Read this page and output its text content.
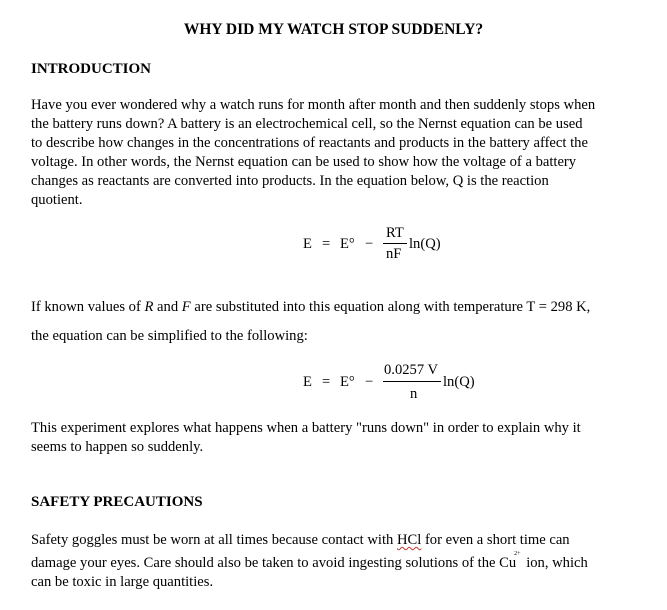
WHY DID MY WATCH STOP SUDDENLY?
INTRODUCTION
Have you ever wondered why a watch runs for month after month and then suddenly stops when
the battery runs down? A battery is an electrochemical cell, so the Nernst equation can be used
to describe how changes in the concentrations of reactants and products in the battery affect the
voltage. In other words, the Nernst equation can be used to show how the voltage of a battery
changes as reactants are converted into products. In the equation below, Q is the reaction
quotient.
E = E° −
RT
nF
ln(Q)
If known values of R and F are substituted into this equation along with temperature T = 298 K,
the equation can be simplified to the following:
E = E° −
0.0257 V
n
ln(Q)
This experiment explores what happens when a battery "runs down" in order to explain why it
seems to happen so suddenly.
SAFETY PRECAUTIONS
Safety goggles must be worn at all times because contact with HCl for even a short time can
damage your eyes. Care should also be taken to avoid ingesting solutions of the $Cu^{2+}$ ion, which
can be toxic in large quantities.
